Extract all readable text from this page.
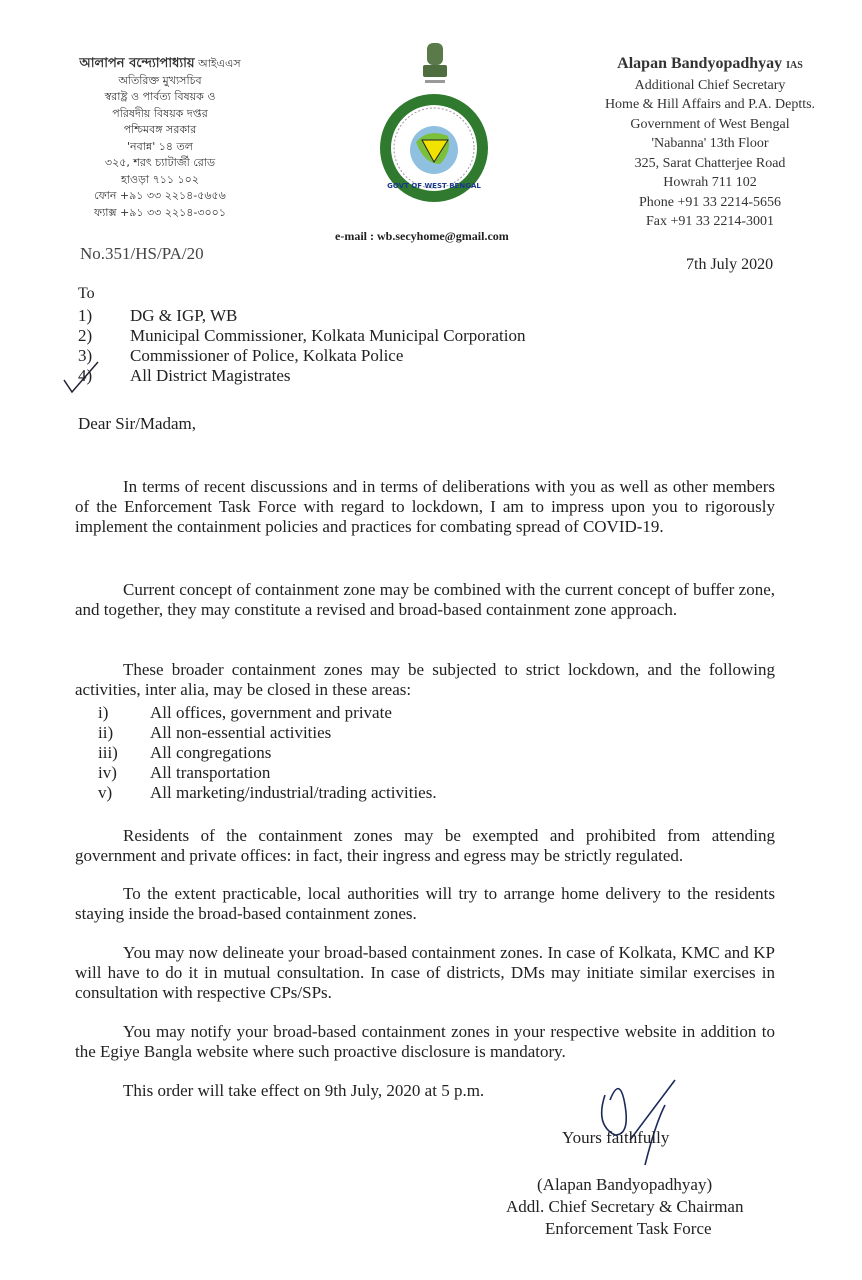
আলাপন বন্দ্যোপাধ্যায় আইএএস
অতিরিক্ত মুখ্যসচিব
স্বরাষ্ট্র ও পার্বত্য বিষয়ক ও
পরিষদীয় বিষয়ক দপ্তর
পশ্চিমবঙ্গ সরকার
'নবান্ন' ১৪ তল
৩২৫, শরৎ চ্যাটার্জী রোড
হাওড়া ৭১১ ১০২
ফোন +৯১ ৩৩ ২২১৪-৫৬৫৬
ফ্যাক্স +৯১ ৩৩ ২২১৪-৩০০১
No.351/HS/PA/20
GOVT OF WEST BENGAL
e-mail : wb.secyhome@gmail.com
Alapan Bandyopadhyay IAS
Additional Chief Secretary
Home & Hill Affairs and P.A. Deptts.
Government of West Bengal
'Nabanna' 13th Floor
325, Sarat Chatterjee Road
Howrah 711 102
Phone +91 33 2214-5656
Fax +91 33 2214-3001
7th July 2020
To
1)	DG & IGP, WB
2)	Municipal Commissioner, Kolkata Municipal Corporation
3)	Commissioner of Police, Kolkata Police
4)	All District Magistrates
Dear Sir/Madam,
In terms of recent discussions and in terms of deliberations with you as well as other members of the Enforcement Task Force with regard to lockdown, I am to impress upon you to rigorously implement the containment policies and practices for combating spread of COVID-19.
Current concept of containment zone may be combined with the current concept of buffer zone, and together, they may constitute a revised and broad-based containment zone approach.
These broader containment zones may be subjected to strict lockdown, and the following activities, inter alia, may be closed in these areas:
i)	All offices, government and private
ii)	All non-essential activities
iii)	All congregations
iv)	All transportation
v)	All marketing/industrial/trading activities.
Residents of the containment zones may be exempted and prohibited from attending government and private offices: in fact, their ingress and egress may be strictly regulated.
To the extent practicable, local authorities will try to arrange home delivery to the residents staying inside the broad-based containment zones.
You may now delineate your broad-based containment zones. In case of Kolkata, KMC and KP will have to do it in mutual consultation. In case of districts, DMs may initiate similar exercises in consultation with respective CPs/SPs.
You may notify your broad-based containment zones in your respective website in addition to the Egiye Bangla website where such proactive disclosure is mandatory.
This order will take effect on 9th July, 2020 at 5 p.m.
Yours faithfully
(Alapan Bandyopadhyay)
Addl. Chief Secretary & Chairman
Enforcement Task Force
